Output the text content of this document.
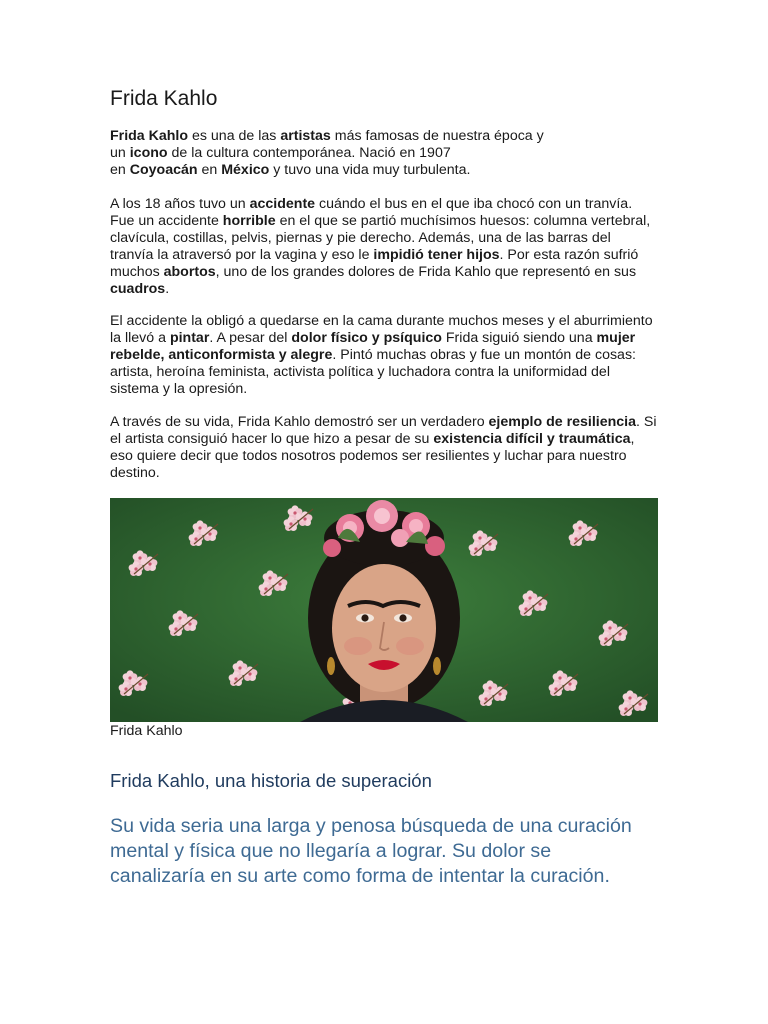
Frida Kahlo

Frida Kahlo es una de las artistas más famosas de nuestra época y
un icono de la cultura contemporánea. Nació en 1907
en Coyoacán en México y tuvo una vida muy turbulenta.

A los 18 años tuvo un accidente cuándo el bus en el que iba chocó con un tranvía. Fue un accidente horrible en el que se partió muchísimos huesos: columna vertebral, clavícula, costillas, pelvis, piernas y pie derecho. Además, una de las barras del tranvía la atraversó por la vagina y eso le impidió tener hijos. Por esta razón sufrió muchos abortos, uno de los grandes dolores de Frida Kahlo que representó en sus cuadros.

El accidente la obligó a quedarse en la cama durante muchos meses y el aburrimiento la llevó a pintar. A pesar del dolor físico y psíquico Frida siguió siendo una mujer rebelde, anticonformista y alegre. Pintó muchas obras y fue un montón de cosas: artista, heroína feminista, activista política y luchadora contra la uniformidad del sistema y la opresión.

A través de su vida, Frida Kahlo demostró ser un verdadero ejemplo de resiliencia. Si el artista consiguió hacer lo que hizo a pesar de su existencia difícil y traumática, eso quiere decir que todos nosotros podemos ser resilientes y luchar para nuestro destino.

Frida Kahlo

Frida Kahlo, una historia de superación

Su vida seria una larga y penosa búsqueda de una curación mental y física que no llegaría a lograr. Su dolor se canalizaría en su arte como forma de intentar la curación.
